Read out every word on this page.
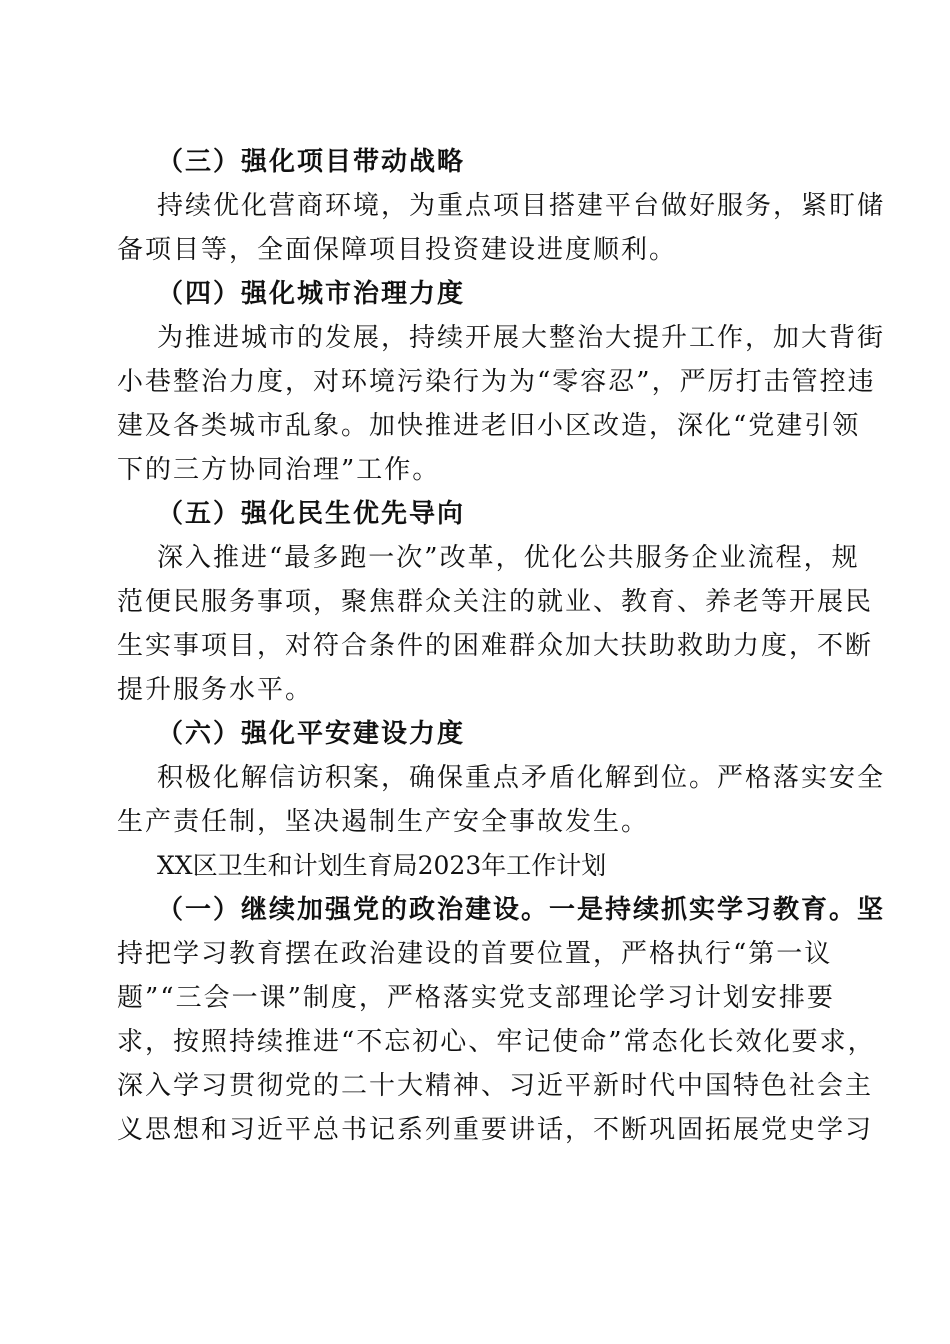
（三）强化项目带动战略
持续优化营商环境，为重点项目搭建平台做好服务，紧盯储
备项目等，全面保障项目投资建设进度顺利。
（四）强化城市治理力度
为推进城市的发展，持续开展大整治大提升工作，加大背街
小巷整治力度，对环境污染行为为“零容忍”，严厉打击管控违
建及各类城市乱象。加快推进老旧小区改造，深化“党建引领
下的三方协同治理”工作。
（五）强化民生优先导向
深入推进“最多跑一次”改革，优化公共服务企业流程，规
范便民服务事项，聚焦群众关注的就业、教育、养老等开展民
生实事项目，对符合条件的困难群众加大扶助救助力度，不断
提升服务水平。
（六）强化平安建设力度
积极化解信访积案，确保重点矛盾化解到位。严格落实安全
生产责任制，坚决遏制生产安全事故发生。
XX区卫生和计划生育局2023年工作计划
（一）继续加强党的政治建设。一是持续抓实学习教育。坚
持把学习教育摆在政治建设的首要位置，严格执行“第一议
题”“三会一课”制度，严格落实党支部理论学习计划安排要
求，按照持续推进“不忘初心、牢记使命”常态化长效化要求，
深入学习贯彻党的二十大精神、习近平新时代中国特色社会主
义思想和习近平总书记系列重要讲话，不断巩固拓展党史学习
